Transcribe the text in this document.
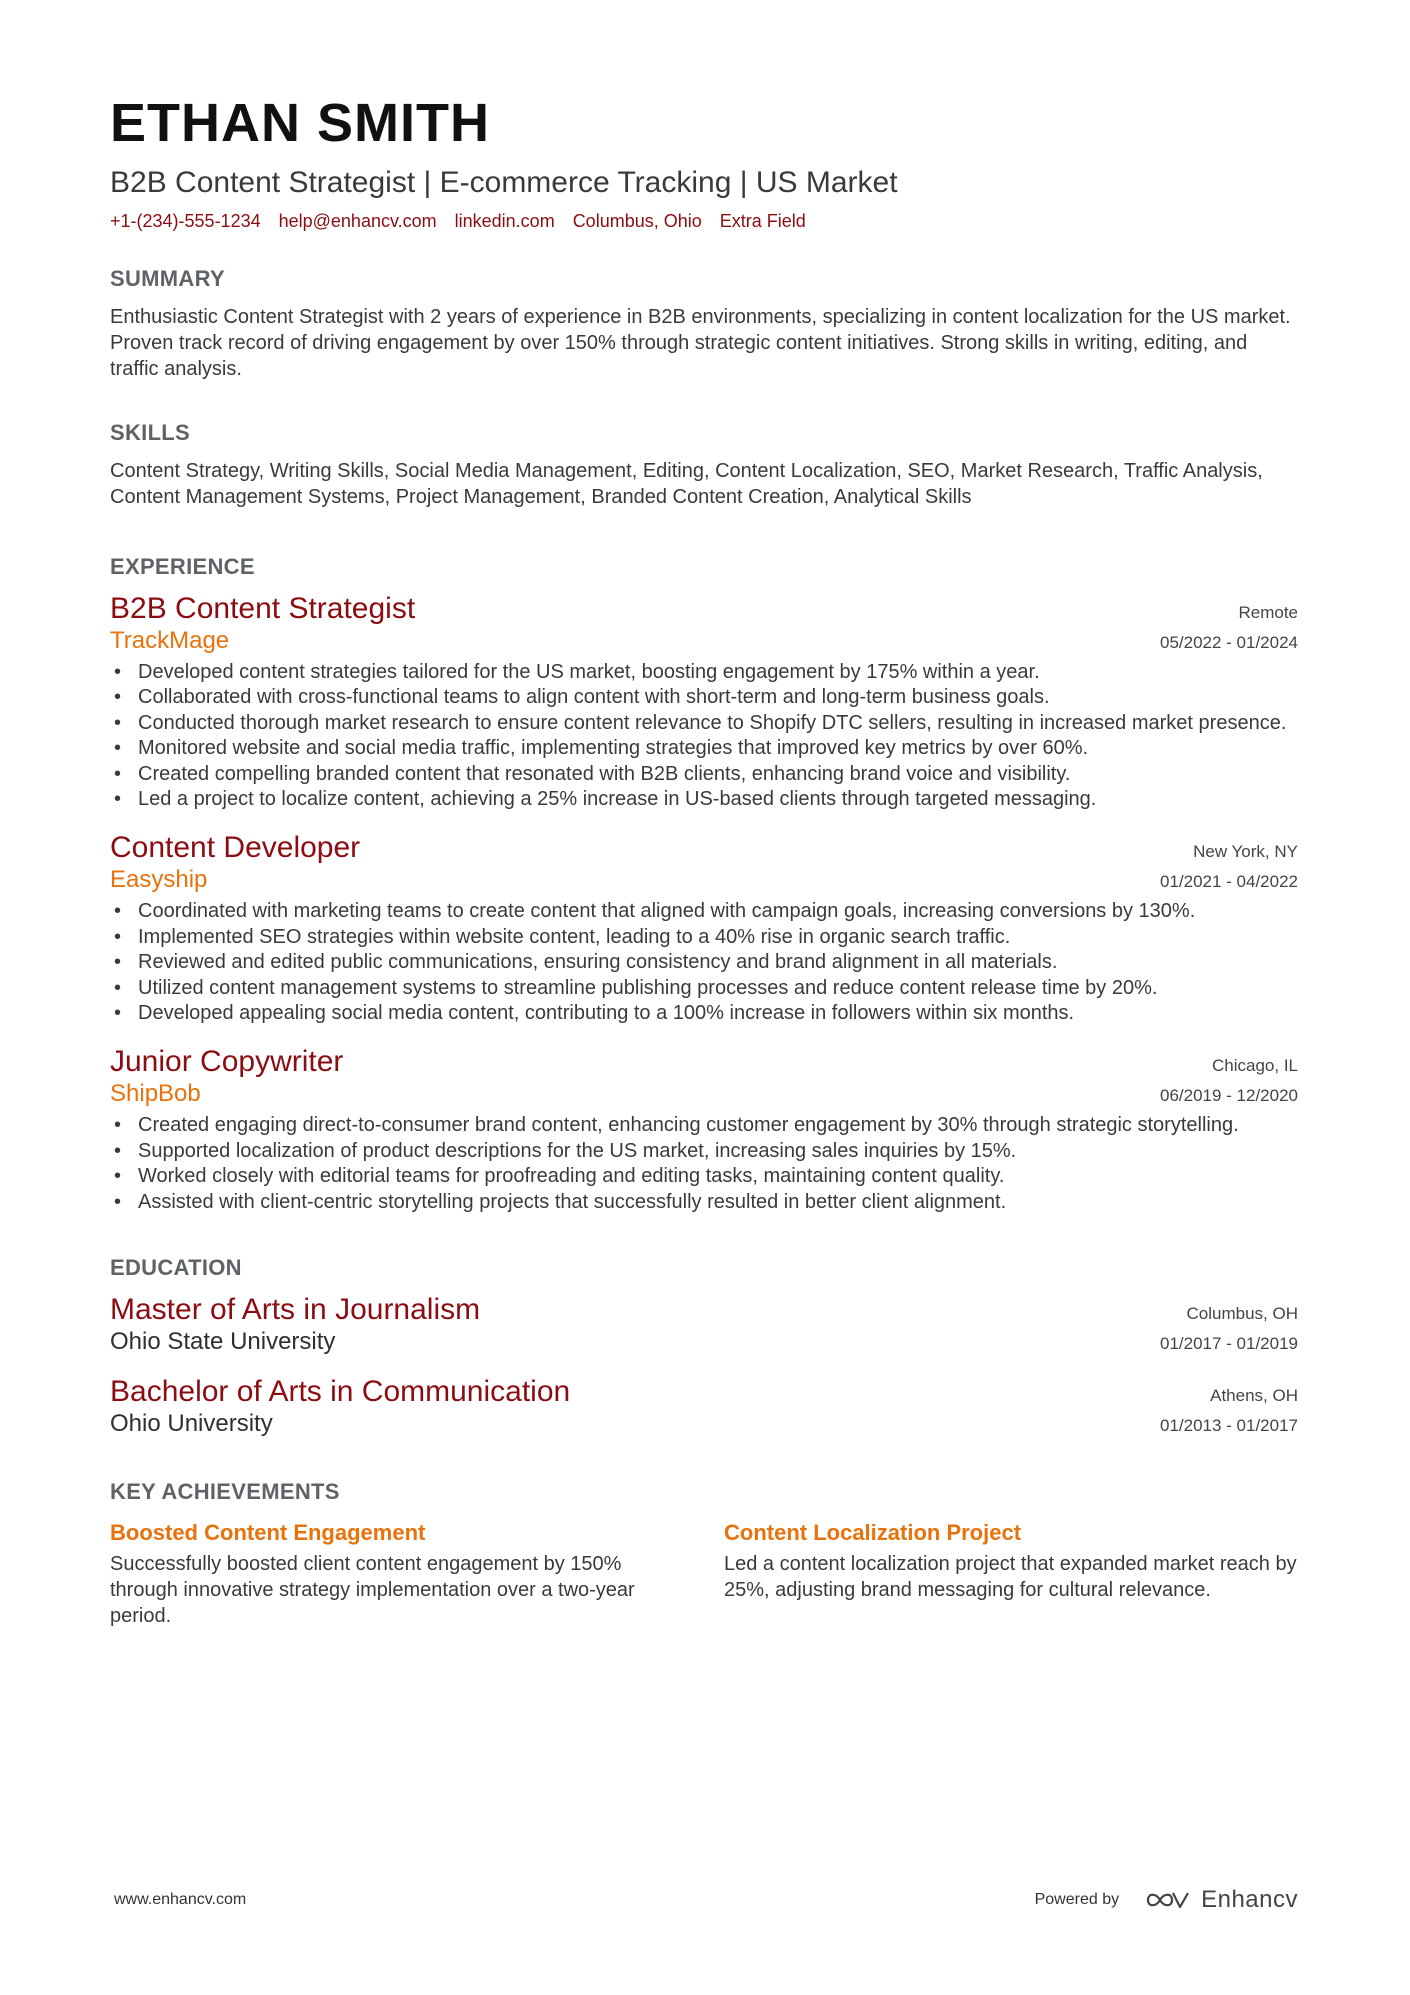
ETHAN SMITH
B2B Content Strategist | E-commerce Tracking | US Market
+1-(234)-555-1234 help@enhancv.com linkedin.com Columbus, Ohio Extra Field
SUMMARY
Enthusiastic Content Strategist with 2 years of experience in B2B environments, specializing in content localization for the US market. Proven track record of driving engagement by over 150% through strategic content initiatives. Strong skills in writing, editing, and traffic analysis.
SKILLS
Content Strategy, Writing Skills, Social Media Management, Editing, Content Localization, SEO, Market Research, Traffic Analysis, Content Management Systems, Project Management, Branded Content Creation, Analytical Skills
EXPERIENCE
B2B Content Strategist	Remote
TrackMage	05/2022 - 01/2024
• Developed content strategies tailored for the US market, boosting engagement by 175% within a year.
• Collaborated with cross-functional teams to align content with short-term and long-term business goals.
• Conducted thorough market research to ensure content relevance to Shopify DTC sellers, resulting in increased market presence.
• Monitored website and social media traffic, implementing strategies that improved key metrics by over 60%.
• Created compelling branded content that resonated with B2B clients, enhancing brand voice and visibility.
• Led a project to localize content, achieving a 25% increase in US-based clients through targeted messaging.
Content Developer	New York, NY
Easyship	01/2021 - 04/2022
• Coordinated with marketing teams to create content that aligned with campaign goals, increasing conversions by 130%.
• Implemented SEO strategies within website content, leading to a 40% rise in organic search traffic.
• Reviewed and edited public communications, ensuring consistency and brand alignment in all materials.
• Utilized content management systems to streamline publishing processes and reduce content release time by 20%.
• Developed appealing social media content, contributing to a 100% increase in followers within six months.
Junior Copywriter	Chicago, IL
ShipBob	06/2019 - 12/2020
• Created engaging direct-to-consumer brand content, enhancing customer engagement by 30% through strategic storytelling.
• Supported localization of product descriptions for the US market, increasing sales inquiries by 15%.
• Worked closely with editorial teams for proofreading and editing tasks, maintaining content quality.
• Assisted with client-centric storytelling projects that successfully resulted in better client alignment.
EDUCATION
Master of Arts in Journalism	Columbus, OH
Ohio State University	01/2017 - 01/2019
Bachelor of Arts in Communication	Athens, OH
Ohio University	01/2013 - 01/2017
KEY ACHIEVEMENTS
Boosted Content Engagement
Successfully boosted client content engagement by 150% through innovative strategy implementation over a two-year period.
Content Localization Project
Led a content localization project that expanded market reach by 25%, adjusting brand messaging for cultural relevance.
www.enhancv.com	Powered by	Enhancv
